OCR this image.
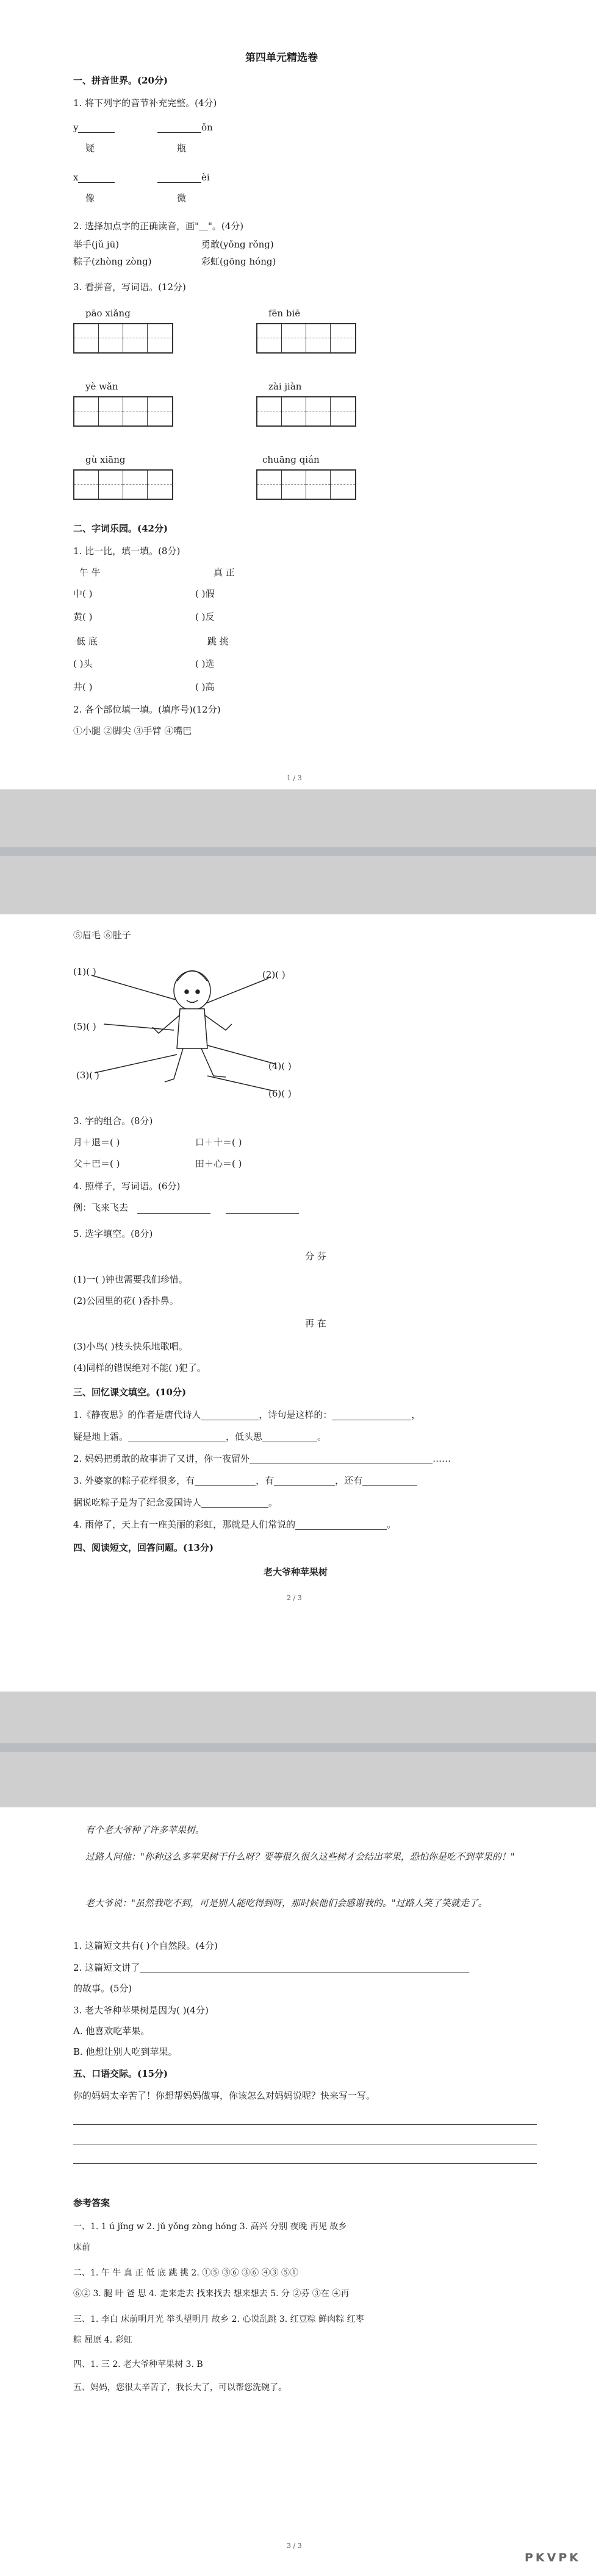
第四单元精选卷
一、拼音世界。(20分)
1. 将下列字的音节补充完整。(4分)
y	ǒn
疑	瓶
x	èi
像	微
2. 选择加点字的正确读音，画"＿"。(4分)
举手(jǔ jū)	勇敢(yǒng rǒng)
粽子(zhòng zòng)	彩虹(gōng hóng)
3. 看拼音，写词语。(12分)
pāo xiǎng	fēn biē
yè wǎn	zài jiàn
gù xiāng	chuāng qián
二、字词乐园。(42分)
1. 比一比，填一填。(8分)
午 牛	真 正
中( )	( )假
黄( )	( )反
低 底	跳 挑
( )头	( )选
井( )	( )高
2. 各个部位填一填。(填序号)(12分)
①小腿 ②脚尖 ③手臂 ④嘴巴
1 / 3
⑤眉毛 ⑥肚子
(1)( )	(2)( )
(5)( )
(3)( )
(4)( )
(6)( )
3. 字的组合。(8分)
月＋退＝( )	口＋十＝( )
父＋巴＝( )	田＋心＝( )
4. 照样子，写词语。(6分)
例：飞来飞去
5. 选字填空。(8分)
分 芬
(1)一( )钟也需要我们珍惜。
(2)公园里的花( )香扑鼻。
再 在
(3)小鸟( )枝头快乐地歌唱。
(4)同样的错误绝对不能( )犯了。
三、回忆课文填空。(10分)
1.《静夜思》的作者是唐代诗人	，诗句是这样的：	，
疑是地上霜。	，低头思	。
2. 妈妈把勇敢的故事讲了又讲，你一夜留外	……
3. 外婆家的粽子花样很多，有	，有	，还有
据说吃粽子是为了纪念爱国诗人	。
4. 雨停了，天上有一座美丽的彩虹，那就是人们常说的	。
四、阅读短文，回答问题。(13分)
老大爷种苹果树
2 / 3
有个老大爷种了许多苹果树。
过路人问他："你种这么多苹果树干什么呀？要等很久很久这些树才会结出苹果，恐怕你是吃不到苹果的！"
老大爷说："虽然我吃不到，可是别人能吃得到呀，那时候他们会感谢我的。"过路人笑了笑就走了。
1. 这篇短文共有( )个自然段。(4分)
2. 这篇短文讲了
的故事。(5分)
3. 老大爷种苹果树是因为( )(4分)
A. 他喜欢吃苹果。
B. 他想让别人吃到苹果。
五、口语交际。(15分)
你的妈妈太辛苦了！你想帮妈妈做事，你该怎么对妈妈说呢？快来写一写。
参考答案
一、1. 1 ú jǐng w 2. jǔ yǒng zòng hóng 3. 高兴 分别 夜晚 再见 故乡
床前
二、1. 午 牛 真 正 低 底 跳 挑 2. ①⑤ ③⑥ ③⑥ ④③ ⑤①
⑥② 3. 腿 叶 爸 思 4. 走来走去 找来找去 想来想去 5. 分 ②芬 ③在 ④再
三、1. 李白 床前明月光 举头望明月 故乡 2. 心说乱跳 3. 红豆粽 鲜肉粽 红枣
粽 屈原 4. 彩虹
四、1. 三 2. 老大爷种苹果树 3. B
五、妈妈，您很太辛苦了，我长大了，可以帮您洗碗了。
3 / 3
PKVPK
